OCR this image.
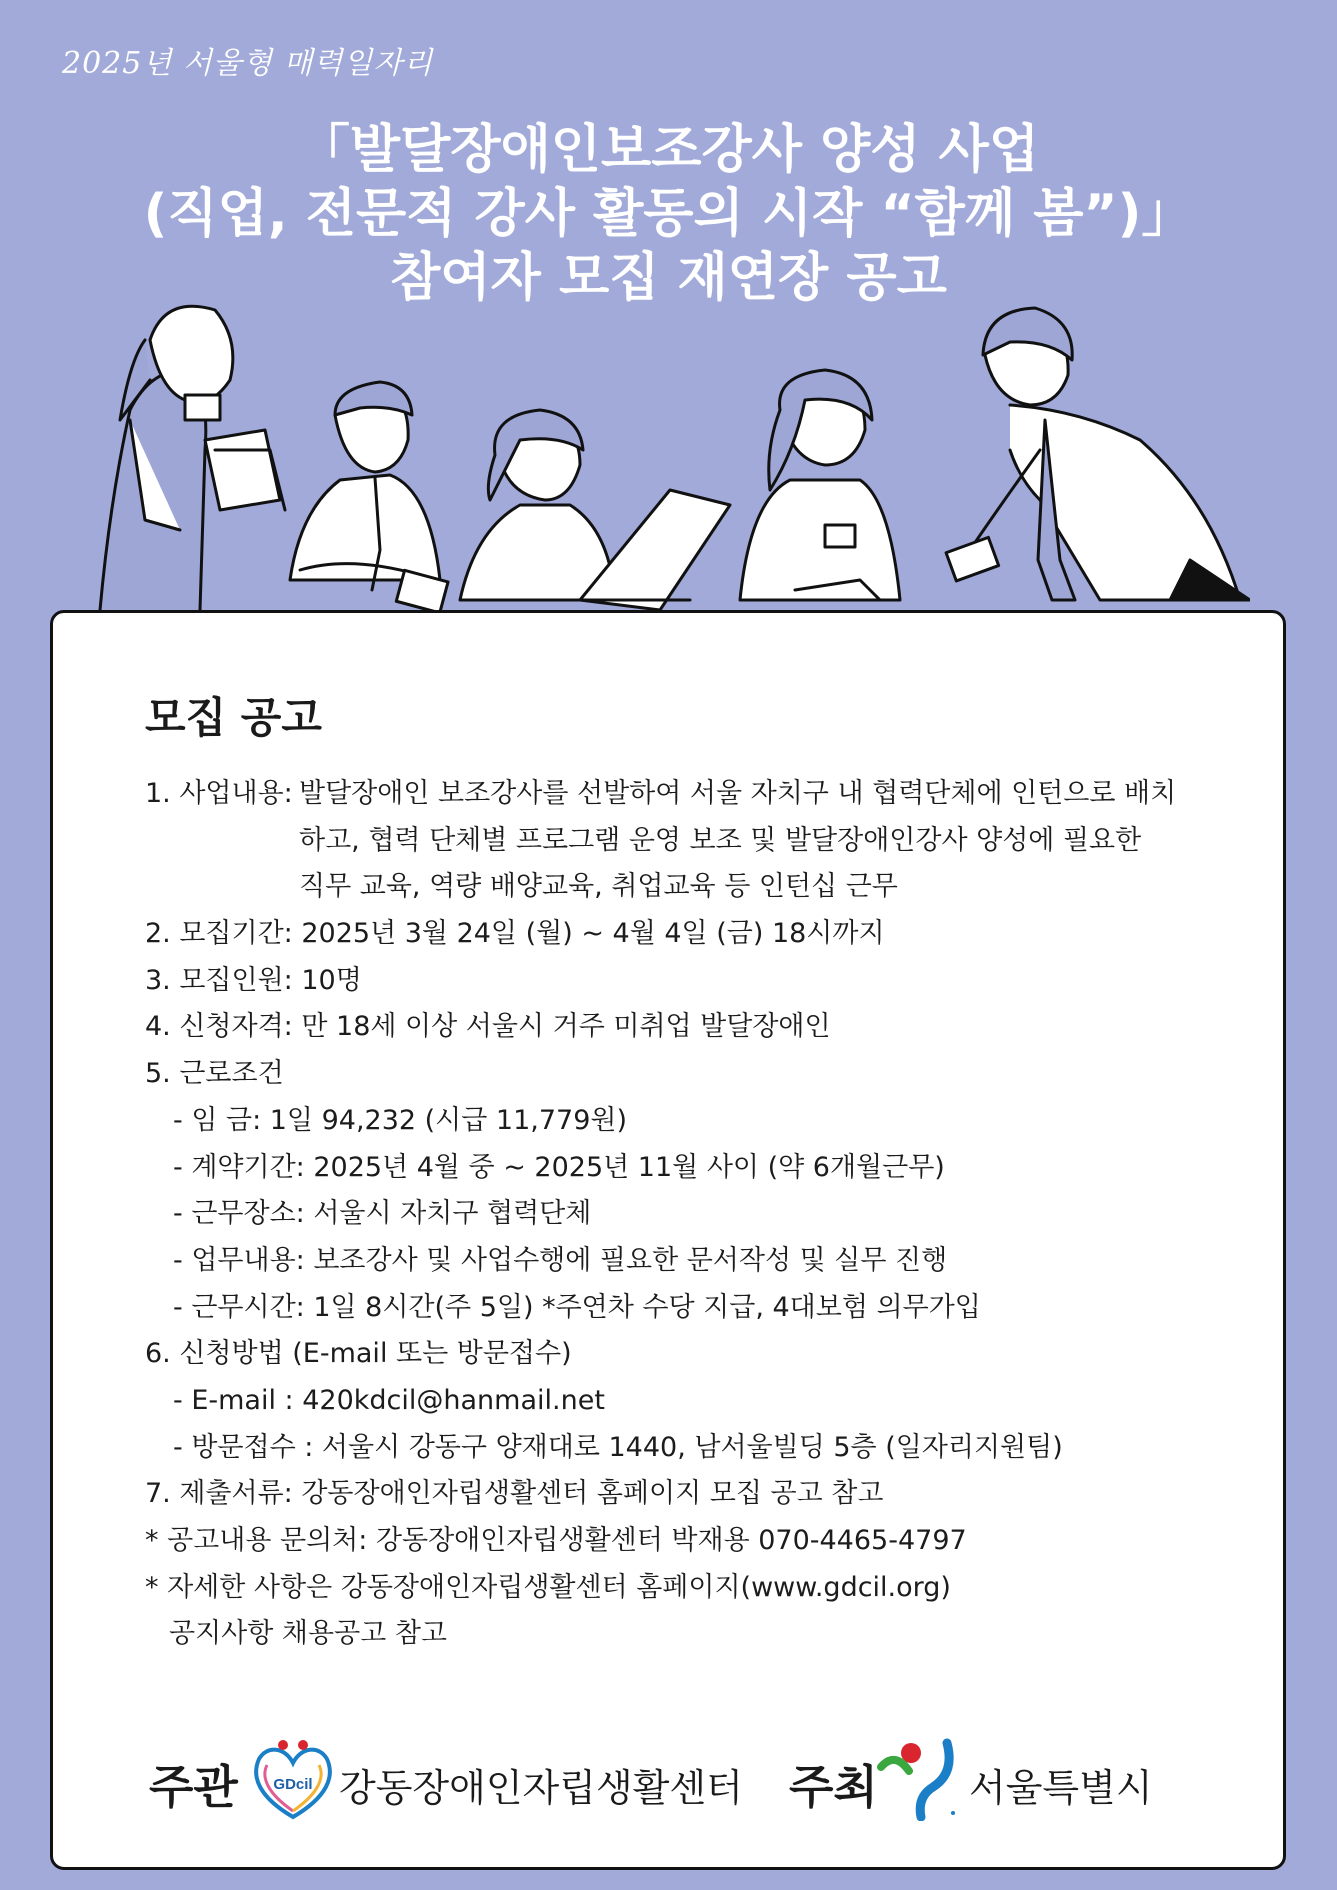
2025년 서울형 매력일자리
「발달장애인보조강사 양성 사업
(직업, 전문적 강사 활동의 시작 “함께 봄”)」
참여자 모집 재연장 공고
모집 공고
1. 사업내용: 발달장애인 보조강사를 선발하여 서울 자치구 내 협력단체에 인턴으로 배치
하고, 협력 단체별 프로그램 운영 보조 및 발달장애인강사 양성에 필요한
직무 교육, 역량 배양교육, 취업교육 등 인턴십 근무
2. 모집기간: 2025년 3월 24일 (월) ~ 4월 4일 (금) 18시까지
3. 모집인원: 10명
4. 신청자격: 만 18세 이상 서울시 거주 미취업 발달장애인
5. 근로조건
- 임 금: 1일 94,232 (시급 11,779원)
- 계약기간: 2025년 4월 중 ~ 2025년 11월 사이 (약 6개월근무)
- 근무장소: 서울시 자치구 협력단체
- 업무내용: 보조강사 및 사업수행에 필요한 문서작성 및 실무 진행
- 근무시간: 1일 8시간(주 5일) *주연차 수당 지급, 4대보험 의무가입
6. 신청방법 (E-mail 또는 방문접수)
- E-mail : 420kdcil@hanmail.net
- 방문접수 : 서울시 강동구 양재대로 1440, 남서울빌딩 5층 (일자리지원팀)
7. 제출서류: 강동장애인자립생활센터 홈페이지 모집 공고 참고
* 공고내용 문의처: 강동장애인자립생활센터 박재용 070-4465-4797
* 자세한 사항은 강동장애인자립생활센터 홈페이지(www.gdcil.org)
공지사항 채용공고 참고
주관 GDcil 강동장애인자립생활센터 주최 서울특별시
